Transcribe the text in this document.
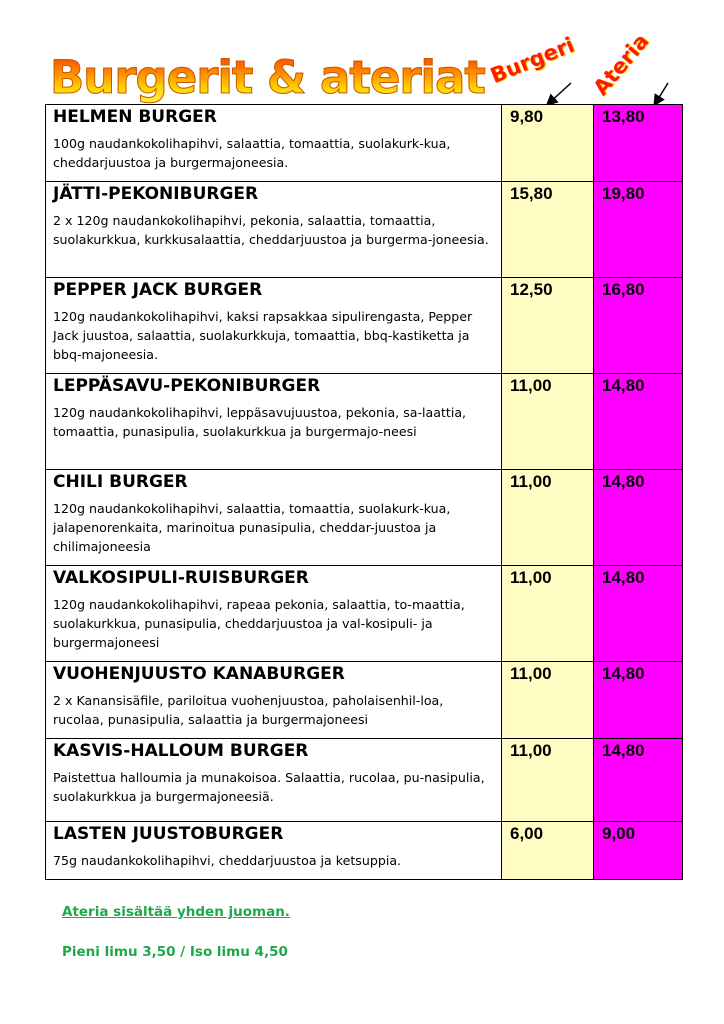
Burgerit & ateriat Burgeri Ateria
HELMEN BURGER
100g naudankokolihapihvi, salaattia, tomaattia, suolakurk-kua, cheddarjuustoa ja burgermajoneesia.	9,80	13,80

JÄTTI-PEKONIBURGER
2 x 120g naudankokolihapihvi, pekonia, salaattia, tomaattia, suolakurkkua, kurkkusalaattia, cheddarjuustoa ja burgerma-joneesia.	15,80	19,80

PEPPER JACK BURGER
120g naudankokolihapihvi, kaksi rapsakkaa sipulirengasta, Pepper Jack juustoa, salaattia, suolakurkkuja, tomaattia, bbq-kastiketta ja bbq-majoneesia.	12,50	16,80

LEPPÄSAVU-PEKONIBURGER
120g naudankokolihapihvi, leppäsavujuustoa, pekonia, sa-laattia, tomaattia, punasipulia, suolakurkkua ja burgermajo-neesi	11,00	14,80

CHILI BURGER
120g naudankokolihapihvi, salaattia, tomaattia, suolakurk-kua, jalapenorenkaita, marinoitua punasipulia, cheddar-juustoa ja chilimajoneesia	11,00	14,80

VALKOSIPULI-RUISBURGER
120g naudankokolihapihvi, rapeaa pekonia, salaattia, to-maattia, suolakurkkua, punasipulia, cheddarjuustoa ja val-kosipuli- ja burgermajoneesi	11,00	14,80

VUOHENJUUSTO KANABURGER
2 x Kanansisäfile, pariloitua vuohenjuustoa, paholaisenhil-loa, rucolaa, punasipulia, salaattia ja burgermajoneesi	11,00	14,80

KASVIS-HALLOUM BURGER
Paistettua halloumia ja munakoisoa. Salaattia, rucolaa, pu-nasipulia, suolakurkkua ja burgermajoneesiä.	11,00	14,80

LASTEN JUUSTOBURGER
75g naudankokolihapihvi, cheddarjuustoa ja ketsuppia.	6,00	9,00
Ateria sisältää yhden juoman.
Pieni limu 3,50 / Iso limu 4,50
